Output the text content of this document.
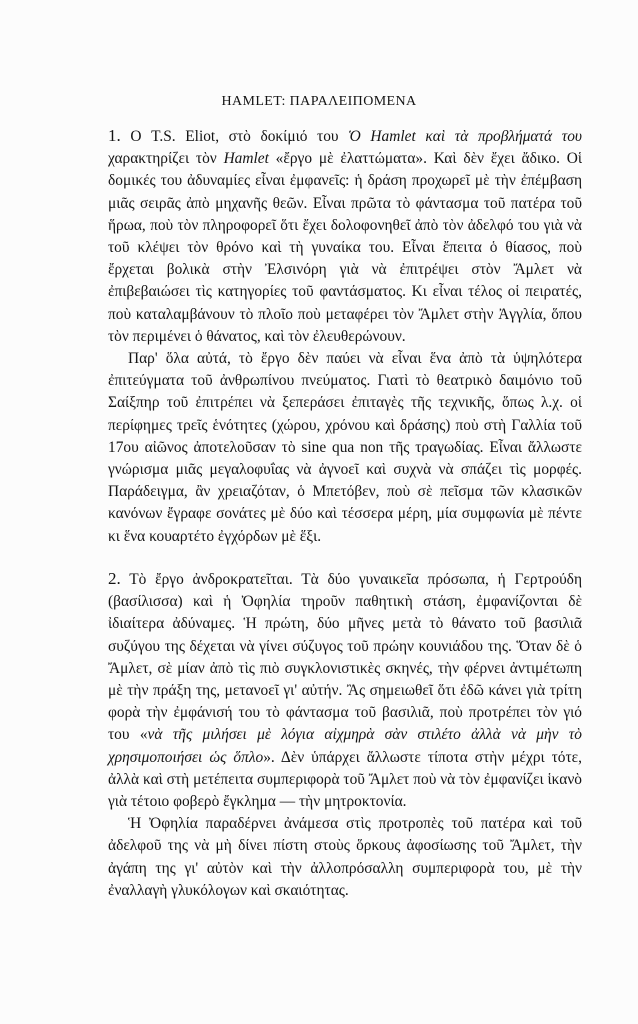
HAMLET: ΠΑΡΑΛΕΙΠΟΜΕΝΑ

1. Ο T.S. Eliot, στὸ δοκίμιό του Ὁ Hamlet καὶ τὰ προβλήματά του χαρακτηρίζει τὸν Hamlet «ἔργο μὲ ἐλαττώματα». Καὶ δὲν ἔχει ἄδικο. Οἱ δομικές του ἀδυναμίες εἶναι ἐμφανεῖς: ἡ δράση προχωρεῖ μὲ τὴν ἐπέμβαση μιᾶς σειρᾶς ἀπὸ μηχανῆς θεῶν. Εἶναι πρῶτα τὸ φάντασμα τοῦ πατέρα τοῦ ἥρωα, ποὺ τὸν πληροφορεῖ ὅτι ἔχει δολοφονηθεῖ ἀπὸ τὸν ἀδελφό του γιὰ νὰ τοῦ κλέψει τὸν θρόνο καὶ τὴ γυναίκα του. Εἶναι ἔπειτα ὁ θίασος, ποὺ ἔρχεται βολικὰ στὴν Ἐλσινόρη γιὰ νὰ ἐπιτρέψει στὸν Ἄμλετ νὰ ἐπιβεβαιώσει τὶς κατηγορίες τοῦ φαντάσματος. Κι εἶναι τέλος οἱ πειρατές, ποὺ καταλαμβάνουν τὸ πλοῖο ποὺ μεταφέρει τὸν Ἄμλετ στὴν Ἀγγλία, ὅπου τὸν περιμένει ὁ θάνατος, καὶ τὸν ἐλευθερώνουν.

Παρ' ὅλα αὐτά, τὸ ἔργο δὲν παύει νὰ εἶναι ἕνα ἀπὸ τὰ ὑψηλότερα ἐπιτεύγματα τοῦ ἀνθρωπίνου πνεύματος. Γιατὶ τὸ θεατρικὸ δαιμόνιο τοῦ Σαίξπηρ τοῦ ἐπιτρέπει νὰ ξεπεράσει ἐπιταγὲς τῆς τεχνικῆς, ὅπως λ.χ. οἱ περίφημες τρεῖς ἑνότητες (χώρου, χρόνου καὶ δράσης) ποὺ στὴ Γαλλία τοῦ 17ου αἰῶνος ἀποτελοῦσαν τὸ sine qua non τῆς τραγωδίας. Εἶναι ἄλλωστε γνώρισμα μιᾶς μεγαλοφυΐας νὰ ἀγνοεῖ καὶ συχνὰ νὰ σπάζει τὶς μορφές. Παράδειγμα, ἂν χρειαζόταν, ὁ Μπετόβεν, ποὺ σὲ πεῖσμα τῶν κλασικῶν κανόνων ἔγραφε σονάτες μὲ δύο καὶ τέσσερα μέρη, μία συμφωνία μὲ πέντε κι ἕνα κουαρτέτο ἐγχόρδων μὲ ἕξι.

2. Τὸ ἔργο ἀνδροκρατεῖται. Τὰ δύο γυναικεῖα πρόσωπα, ἡ Γερτρούδη (βασίλισσα) καὶ ἡ Ὀφηλία τηροῦν παθητικὴ στάση, ἐμφανίζονται δὲ ἰδιαίτερα ἀδύναμες. Ἡ πρώτη, δύο μῆνες μετὰ τὸ θάνατο τοῦ βασιλιᾶ συζύγου της δέχεται νὰ γίνει σύζυγος τοῦ πρώην κουνιάδου της. Ὅταν δὲ ὁ Ἄμλετ, σὲ μίαν ἀπὸ τὶς πιὸ συγκλονιστικὲς σκηνές, τὴν φέρνει ἀντιμέτωπη μὲ τὴν πράξη της, μετανοεῖ γι' αὐτήν. Ἂς σημειωθεῖ ὅτι ἐδῶ κάνει γιὰ τρίτη φορὰ τὴν ἐμφάνισή του τὸ φάντασμα τοῦ βασιλιᾶ, ποὺ προτρέπει τὸν γιό του «νὰ τῆς μιλήσει μὲ λόγια αἰχμηρὰ σὰν στιλέτο ἀλλὰ νὰ μὴν τὸ χρησιμοποιήσει ὡς ὅπλο». Δὲν ὑπάρχει ἄλλωστε τίποτα στὴν μέχρι τότε, ἀλλὰ καὶ στὴ μετέπειτα συμπεριφορὰ τοῦ Ἄμλετ ποὺ νὰ τὸν ἐμφανίζει ἱκανὸ γιὰ τέτοιο φοβερὸ ἔγκλημα — τὴν μητροκτονία.

Ἡ Ὀφηλία παραδέρνει ἀνάμεσα στὶς προτροπὲς τοῦ πατέρα καὶ τοῦ ἀδελφοῦ της νὰ μὴ δίνει πίστη στοὺς ὅρκους ἀφοσίωσης τοῦ Ἄμλετ, τὴν ἀγάπη της γι' αὐτὸν καὶ τὴν ἀλλοπρόσαλλη συμπεριφορὰ του, μὲ τὴν ἐναλλαγὴ γλυκόλογων καὶ σκαιότητας.
